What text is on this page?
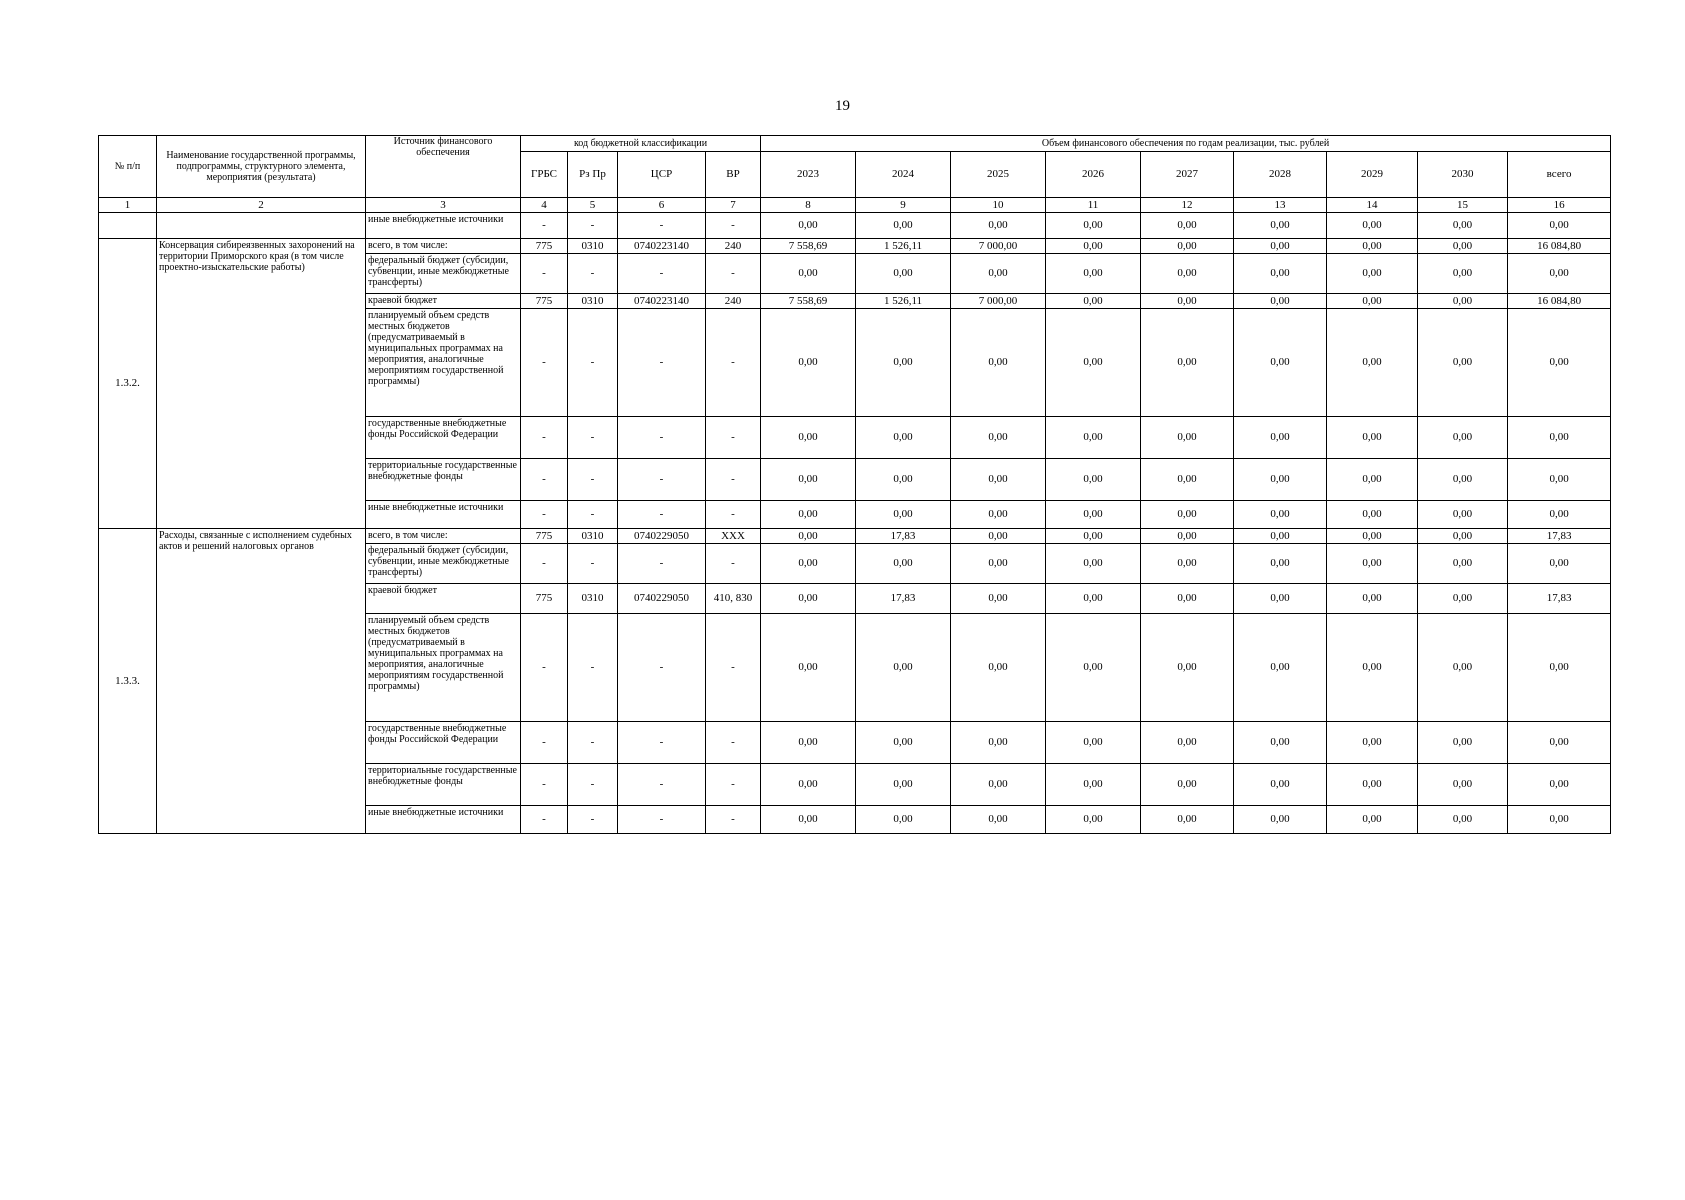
19
№ п/п	Наименование государственной программы, подпрограммы, структурного элемента, мероприятия (результата)	Источник финансового обеспечения	код бюджетной классификации				Объем финансового обеспечения по годам реализации, тыс. рублей								
			ГРБС	Рз Пр	ЦСР	ВР	2023	2024	2025	2026	2027	2028	2029	2030	всего
1	2	3	4	5	6	7	8	9	10	11	12	13	14	15	16
		иные внебюджетные источники	-	-	-	-	0,00	0,00	0,00	0,00	0,00	0,00	0,00	0,00	0,00
1.3.2.	Консервация сибиреязвенных захоронений на территории Приморского края (в том числе проектно-изыскательские работы)	всего, в том числе:	775	0310	0740223140	240	7 558,69	1 526,11	7 000,00	0,00	0,00	0,00	0,00	0,00	16 084,80
		федеральный бюджет (субсидии, субвенции, иные межбюджетные трансферты)	-	-	-	-	0,00	0,00	0,00	0,00	0,00	0,00	0,00	0,00	0,00
		краевой бюджет	775	0310	0740223140	240	7 558,69	1 526,11	7 000,00	0,00	0,00	0,00	0,00	0,00	16 084,80
		планируемый объем средств местных бюджетов (предусматриваемый в муниципальных программах на мероприятия, аналогичные мероприятиям государственной программы)	-	-	-	-	0,00	0,00	0,00	0,00	0,00	0,00	0,00	0,00	0,00
		государственные внебюджетные фонды Российской Федерации	-	-	-	-	0,00	0,00	0,00	0,00	0,00	0,00	0,00	0,00	0,00
		территориальные государственные внебюджетные фонды	-	-	-	-	0,00	0,00	0,00	0,00	0,00	0,00	0,00	0,00	0,00
		иные внебюджетные источники	-	-	-	-	0,00	0,00	0,00	0,00	0,00	0,00	0,00	0,00	0,00
1.3.3.	Расходы, связанные с исполнением судебных актов и решений налоговых органов	всего, в том числе:	775	0310	0740229050	XXX	0,00	17,83	0,00	0,00	0,00	0,00	0,00	0,00	17,83
		федеральный бюджет (субсидии, субвенции, иные межбюджетные трансферты)	-	-	-	-	0,00	0,00	0,00	0,00	0,00	0,00	0,00	0,00	0,00
		краевой бюджет	775	0310	0740229050	410, 830	0,00	17,83	0,00	0,00	0,00	0,00	0,00	0,00	17,83
		планируемый объем средств местных бюджетов (предусматриваемый в муниципальных программах на мероприятия, аналогичные мероприятиям государственной программы)	-	-	-	-	0,00	0,00	0,00	0,00	0,00	0,00	0,00	0,00	0,00
		государственные внебюджетные фонды Российской Федерации	-	-	-	-	0,00	0,00	0,00	0,00	0,00	0,00	0,00	0,00	0,00
		территориальные государственные внебюджетные фонды	-	-	-	-	0,00	0,00	0,00	0,00	0,00	0,00	0,00	0,00	0,00
		иные внебюджетные источники	-	-	-	-	0,00	0,00	0,00	0,00	0,00	0,00	0,00	0,00	0,00
